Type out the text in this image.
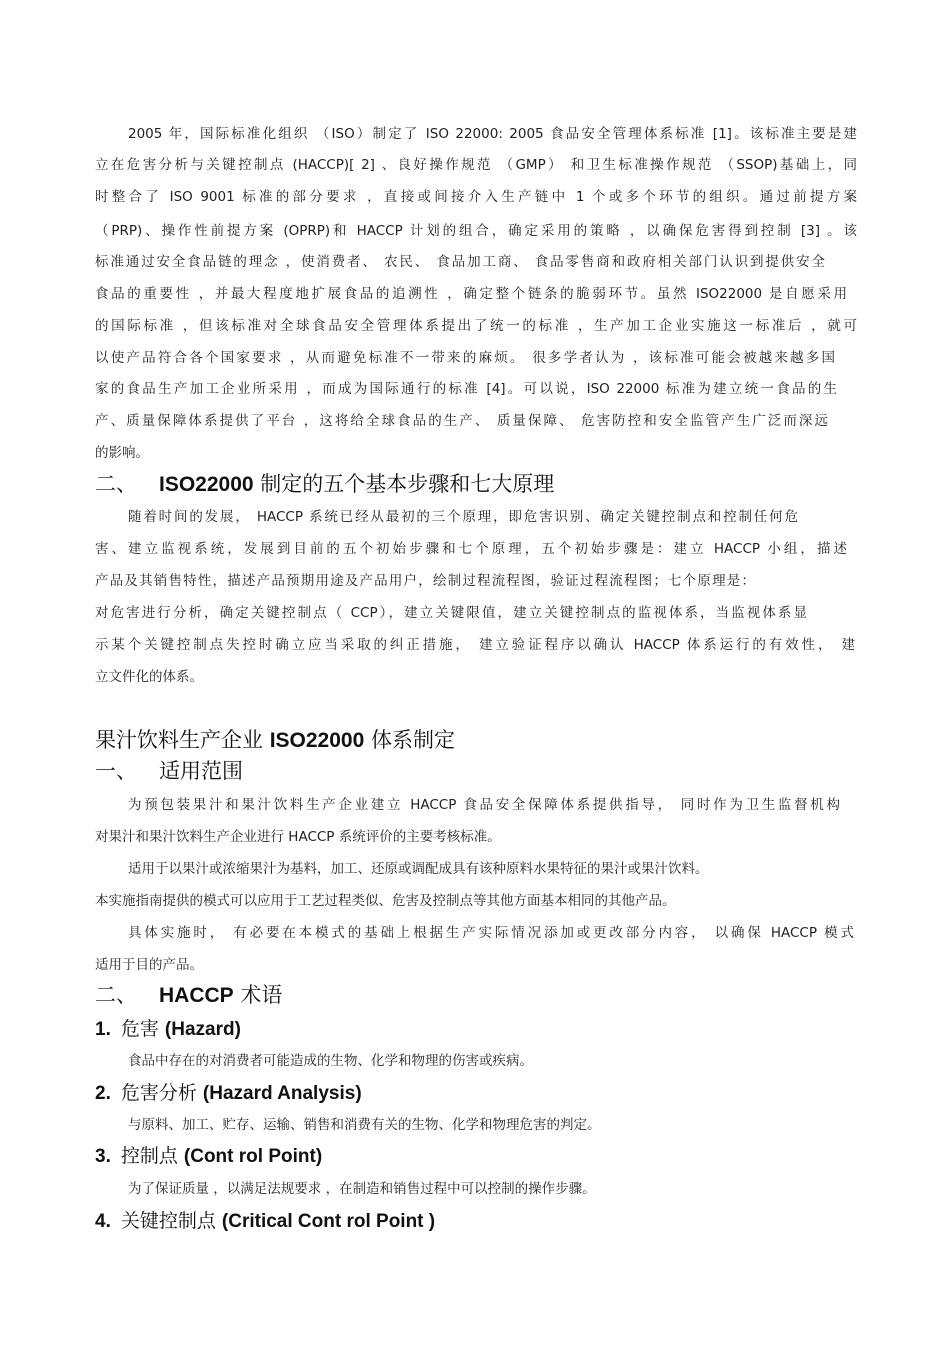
2005 年，国际标准化组织 （ISO）制定了 ISO 22000: 2005 食品安全管理体系标准 [1]。该标准主要是建
立在危害分析与关键控制点 (HACCP)[ 2] 、良好操作规范 （GMP） 和卫生标准操作规范 （SSOP)基础上，同
时整合了 ISO 9001 标准的部分要求 ，直接或间接介入生产链中 1 个或多个环节的组织。通过前提方案
（PRP)、操作性前提方案 (OPRP)和 HACCP 计划的组合，确定采用的策略 ，以确保危害得到控制 [3] 。该
标准通过安全食品链的理念 ，使消费者、 农民、 食品加工商、 食品零售商和政府相关部门认识到提供安全
食品的重要性 ，并最大程度地扩展食品的追溯性 ，确定整个链条的脆弱环节。虽然 ISO22000 是自愿采用
的国际标准 ，但该标准对全球食品安全管理体系提出了统一的标准 ，生产加工企业实施这一标准后 ，就可
以使产品符合各个国家要求 ，从而避免标准不一带来的麻烦。 很多学者认为 ，该标准可能会被越来越多国
家的食品生产加工企业所采用 ，而成为国际通行的标准 [4]。可以说，ISO 22000 标准为建立统一食品的生
产、质量保障体系提供了平台 ，这将给全球食品的生产、 质量保障、 危害防控和安全监管产生广泛而深远
的影响。
二、 ISO22000 制定的五个基本步骤和七大原理
随着时间的发展， HACCP 系统已经从最初的三个原理，即危害识别、确定关键控制点和控制任何危
害、建立监视系统，发展到目前的五个初始步骤和七个原理，五个初始步骤是：建立 HACCP 小组，描述
产品及其销售特性，描述产品预期用途及产品用户，绘制过程流程图，验证过程流程图；七个原理是：
对危害进行分析，确定关键控制点（ CCP），建立关键限值，建立关键控制点的监视体系，当监视体系显
示某个关键控制点失控时确立应当采取的纠正措施， 建立验证程序以确认 HACCP 体系运行的有效性， 建
立文件化的体系。
果汁饮料生产企业 ISO22000 体系制定
一、 适用范围
为预包装果汁和果汁饮料生产企业建立 HACCP 食品安全保障体系提供指导， 同时作为卫生监督机构
对果汁和果汁饮料生产企业进行 HACCP 系统评价的主要考核标准。
适用于以果汁或浓缩果汁为基料，加工、还原或调配成具有该种原料水果特征的果汁或果汁饮料。
本实施指南提供的模式可以应用于工艺过程类似、危害及控制点等其他方面基本相同的其他产品。
具体实施时， 有必要在本模式的基础上根据生产实际情况添加或更改部分内容， 以确保 HACCP 模式
适用于目的产品。
二、 HACCP 术语
1. 危害 (Hazard)
食品中存在的对消费者可能造成的生物、化学和物理的伤害或疾病。
2. 危害分析 (Hazard Analysis)
与原料、加工、贮存、运输、销售和消费有关的生物、化学和物理危害的判定。
3. 控制点 (Cont rol Point)
为了保证质量 ，以满足法规要求 ，在制造和销售过程中可以控制的操作步骤。
4. 关键控制点 (Critical Cont rol Point )
